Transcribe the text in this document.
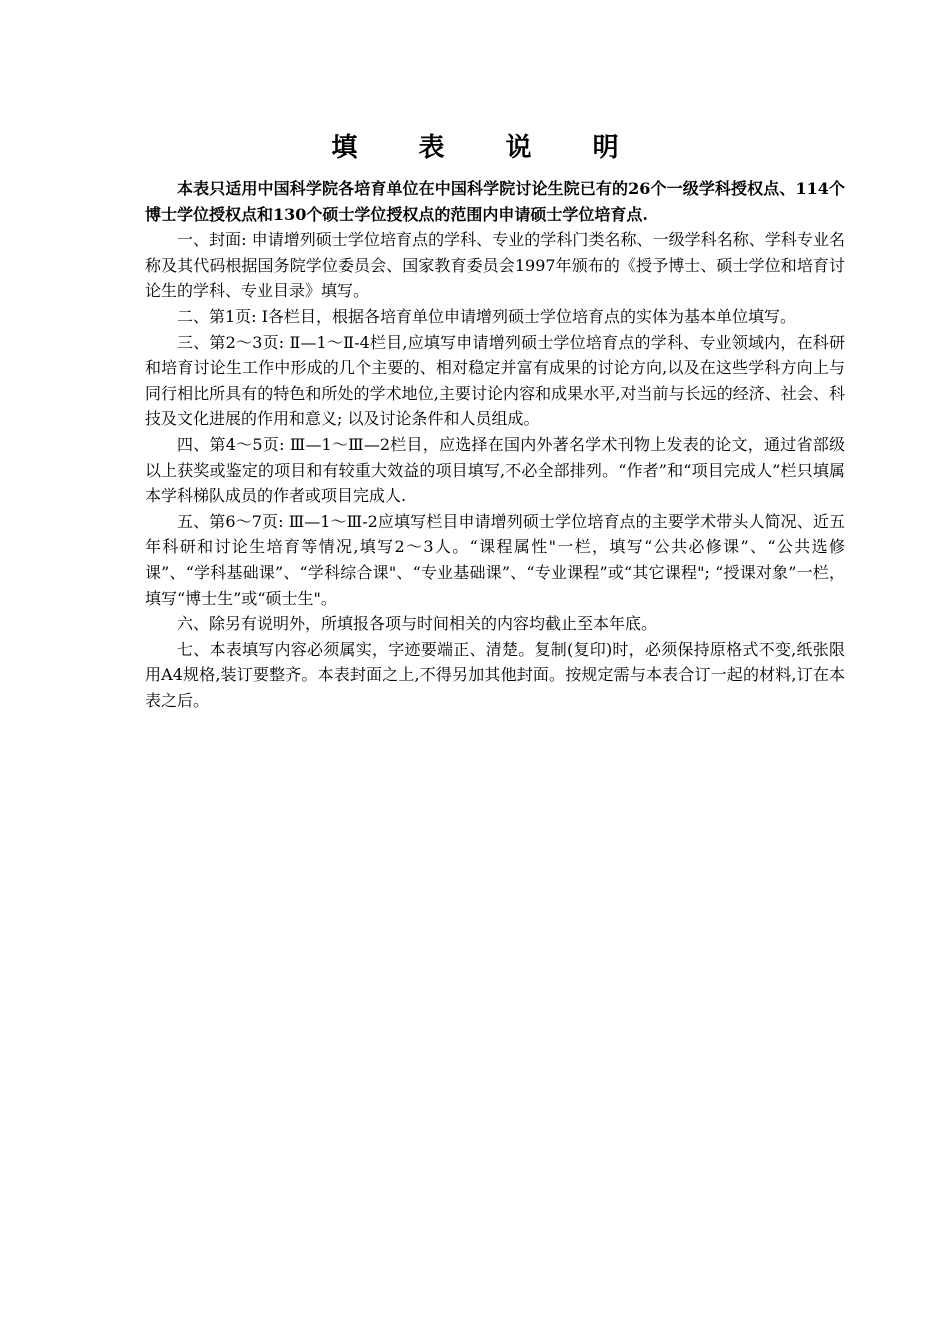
填 表 说 明

本表只适用中国科学院各培育单位在中国科学院讨论生院已有的26个一级学科授权点、114个博士学位授权点和130个硕士学位授权点的范围内申请硕士学位培育点.

一、封面: 申请增列硕士学位培育点的学科、专业的学科门类名称、一级学科名称、学科专业名称及其代码根据国务院学位委员会、国家教育委员会1997年颁布的《授予博士、硕士学位和培育讨论生的学科、专业目录》填写。

二、第1页: Ⅰ各栏目，根据各培育单位申请增列硕士学位培育点的实体为基本单位填写。

三、第2～3页: Ⅱ—1～Ⅱ-4栏目,应填写申请增列硕士学位培育点的学科、专业领域内，在科研和培育讨论生工作中形成的几个主要的、相对稳定并富有成果的讨论方向,以及在这些学科方向上与同行相比所具有的特色和所处的学术地位,主要讨论内容和成果水平,对当前与长远的经济、社会、科技及文化进展的作用和意义; 以及讨论条件和人员组成。

四、第4～5页: Ⅲ—1～Ⅲ—2栏目，应选择在国内外著名学术刊物上发表的论文，通过省部级以上获奖或鉴定的项目和有较重大效益的项目填写,不必全部排列。“作者”和“项目完成人”栏只填属本学科梯队成员的作者或项目完成人.

五、第6～7页: Ⅲ—1～Ⅲ-2应填写栏目申请增列硕士学位培育点的主要学术带头人简况、近五年科研和讨论生培育等情况,填写2～3人。“课程属性"一栏，填写“公共必修课”、“公共选修课”、“学科基础课”、“学科综合课"、“专业基础课”、“专业课程”或“其它课程"; “授课对象”一栏，填写“博士生”或“硕士生"。

六、除另有说明外，所填报各项与时间相关的内容均截止至本年底。

七、本表填写内容必须属实，字迹要端正、清楚。复制(复印)时，必须保持原格式不变,纸张限用A4规格,装订要整齐。本表封面之上,不得另加其他封面。按规定需与本表合订一起的材料,订在本表之后。
